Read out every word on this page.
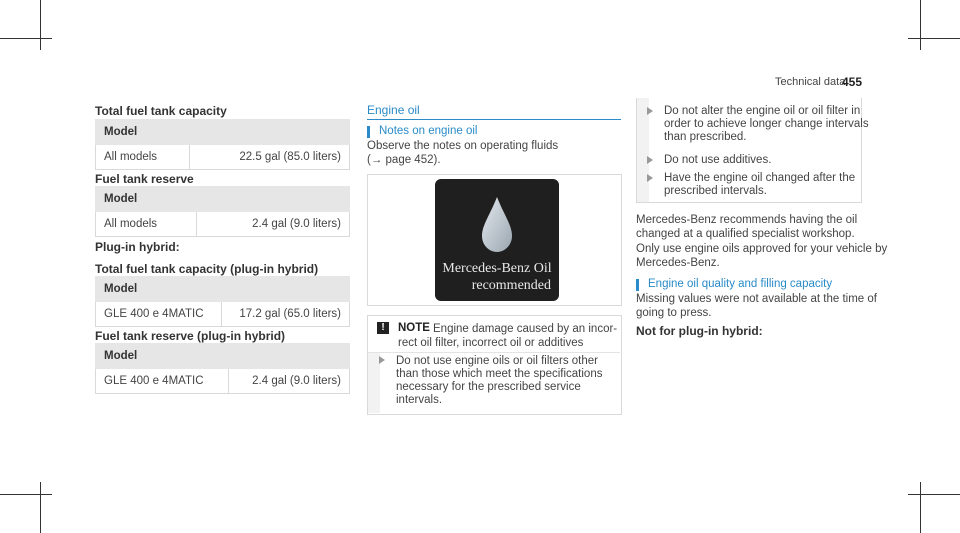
Technical data
455
Total fuel tank capacity
Model
All models	22.5 gal (85.0 liters)
Fuel tank reserve
Model
All models	2.4 gal (9.0 liters)
Plug-in hybrid:
Total fuel tank capacity (plug-in hybrid)
Model
GLE 400 e 4MATIC	17.2 gal (65.0 liters)
Fuel tank reserve (plug-in hybrid)
Model
GLE 400 e 4MATIC	2.4 gal (9.0 liters)
Engine oil
Notes on engine oil
Observe the notes on operating fluids
(→ page 452).
Mercedes-Benz Oil
recommended
!	NOTE Engine damage caused by an incor-
rect oil filter, incorrect oil or additives
Do not use engine oils or oil filters other
than those which meet the specifications
necessary for the prescribed service
intervals.
Do not alter the engine oil or oil filter in
order to achieve longer change intervals
than prescribed.
Do not use additives.
Have the engine oil changed after the
prescribed intervals.
Mercedes-Benz recommends having the oil
changed at a qualified specialist workshop.
Only use engine oils approved for your vehicle by
Mercedes-Benz.
Engine oil quality and filling capacity
Missing values were not available at the time of
going to press.
Not for plug-in hybrid:
